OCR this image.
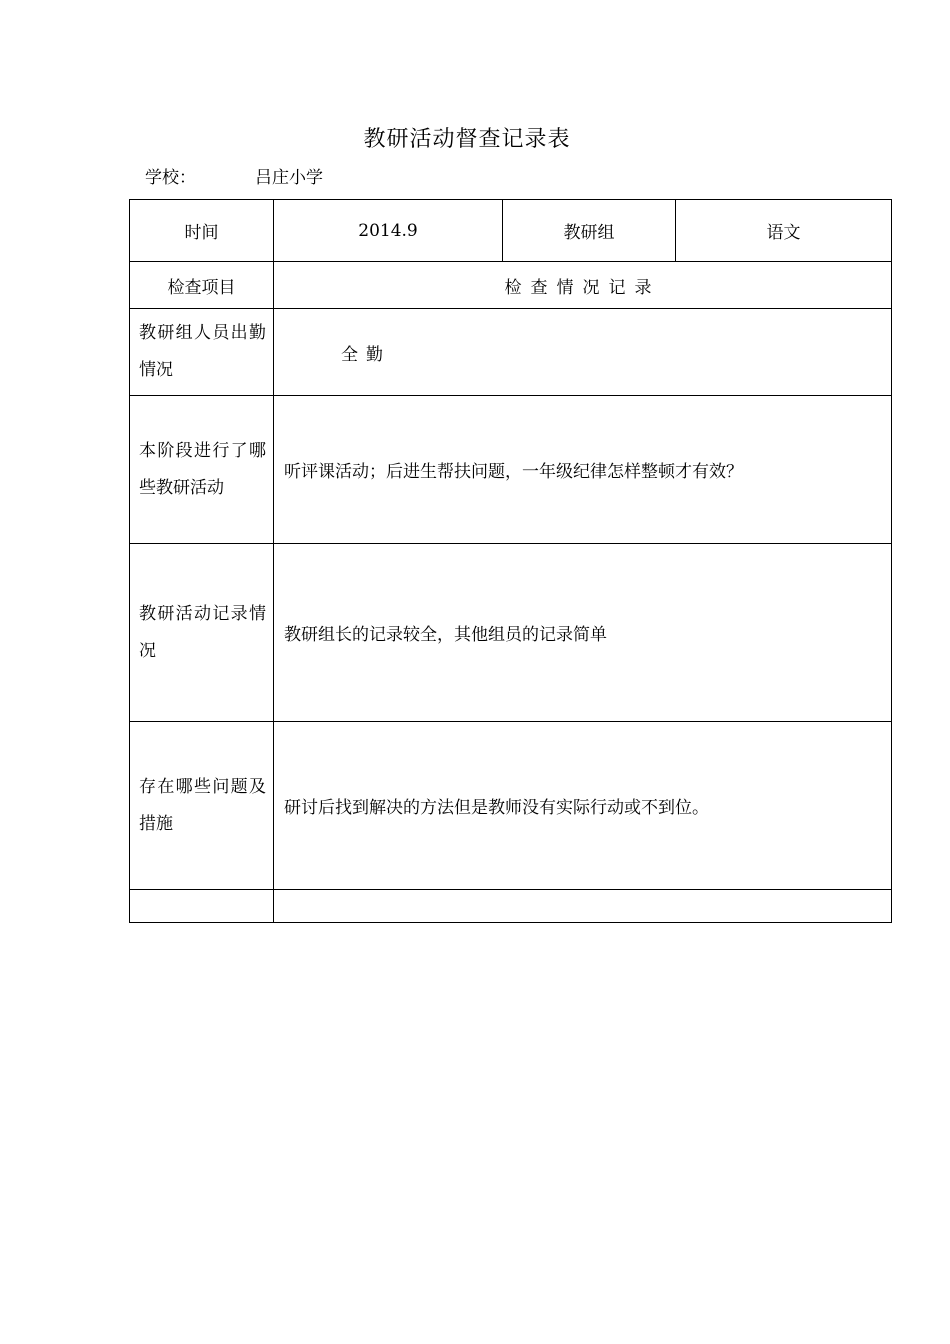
教研活动督查记录表
学校：	吕庄小学
时间	2014.9	教研组	语文
检查项目	检查情况记录		
教研组人员出勤情况	全勤		
本阶段进行了哪些教研活动	听评课活动；后进生帮扶问题，一年级纪律怎样整顿才有效？		
教研活动记录情况	教研组长的记录较全，其他组员的记录简单		
存在哪些问题及措施	研讨后找到解决的方法但是教师没有实际行动或不到位。		
